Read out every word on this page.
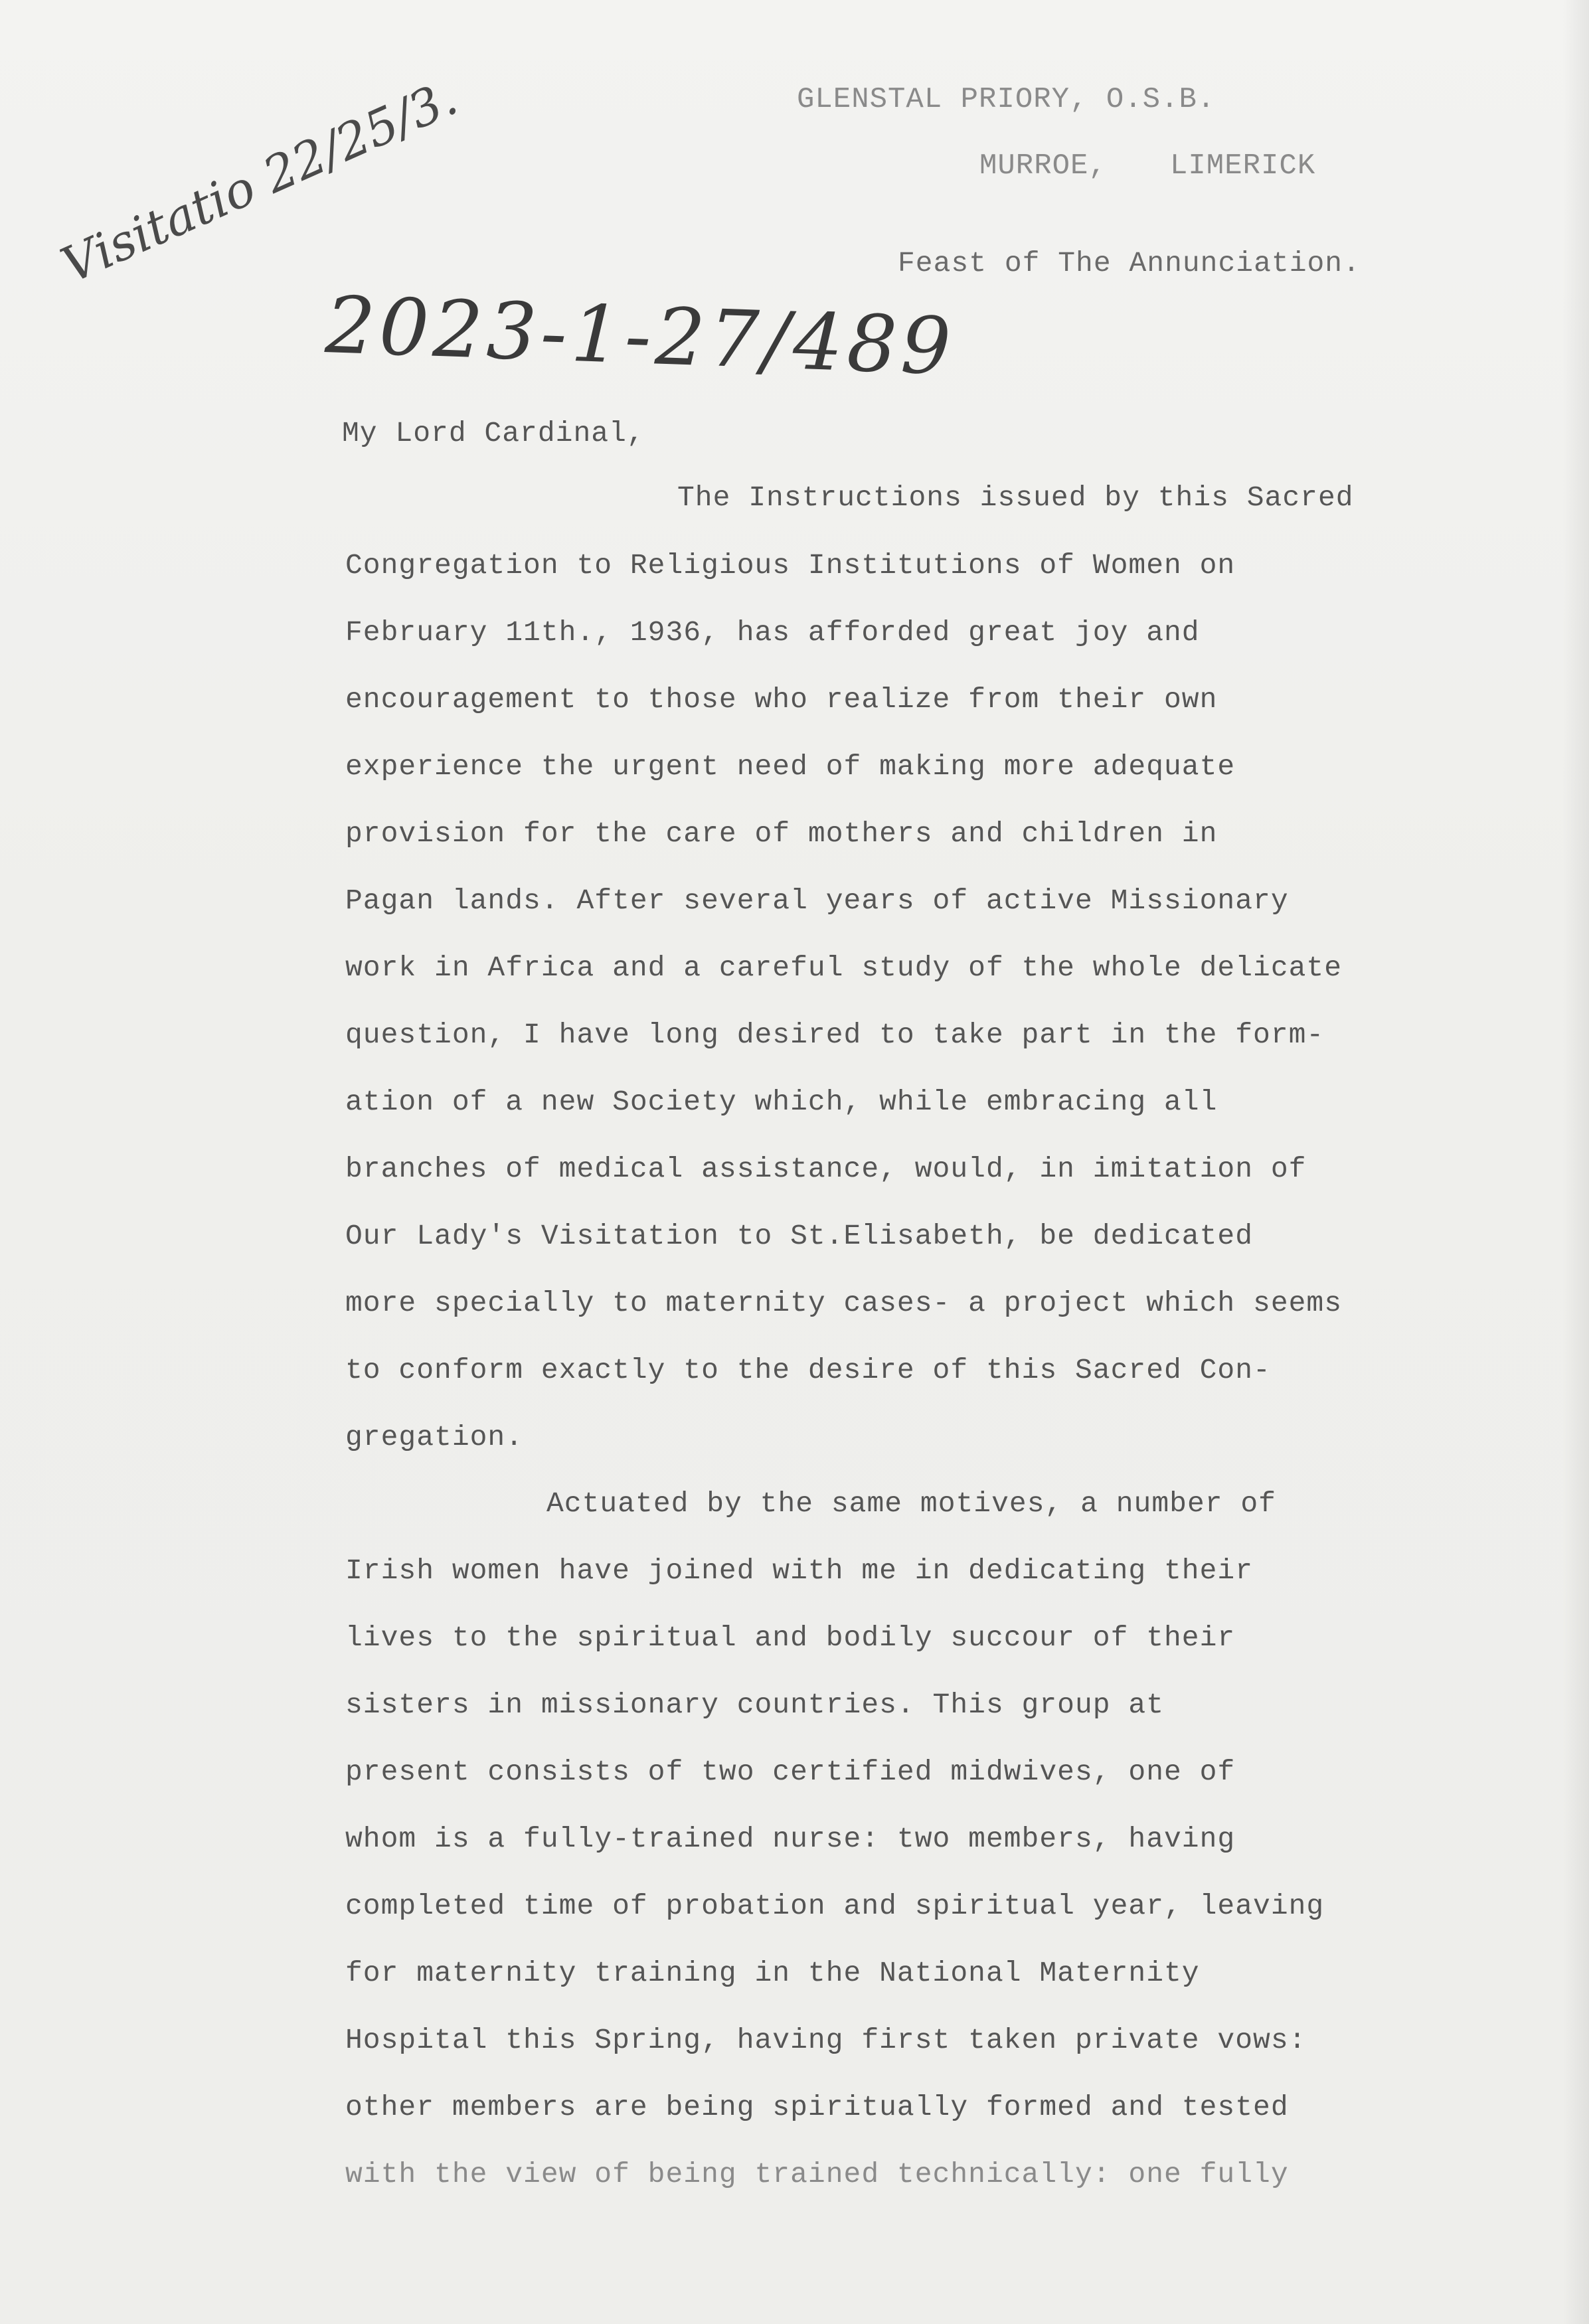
GLENSTAL PRIORY, O.S.B.
MURROE, LIMERICK
Feast of The Annunciation.
Visitatio 22/25/3.
2023-1-27/489
My Lord Cardinal,
The Instructions issued by this Sacred
Congregation to Religious Institutions of Women on
February 11th., 1936, has afforded great joy and
encouragement to those who realize from their own
experience the urgent need of making more adequate
provision for the care of mothers and children in
Pagan lands. After several years of active Missionary
work in Africa and a careful study of the whole delicate
question, I have long desired to take part in the form-
ation of a new Society which, while embracing all
branches of medical assistance, would, in imitation of
Our Lady's Visitation to St.Elisabeth, be dedicated
more specially to maternity cases- a project which seems
to conform exactly to the desire of this Sacred Con-
gregation.
Actuated by the same motives, a number of
Irish women have joined with me in dedicating their
lives to the spiritual and bodily succour of their
sisters in missionary countries. This group at
present consists of two certified midwives, one of
whom is a fully-trained nurse: two members, having
completed time of probation and spiritual year, leaving
for maternity training in the National Maternity
Hospital this Spring, having first taken private vows:
other members are being spiritually formed and tested
with the view of being trained technically: one fully
